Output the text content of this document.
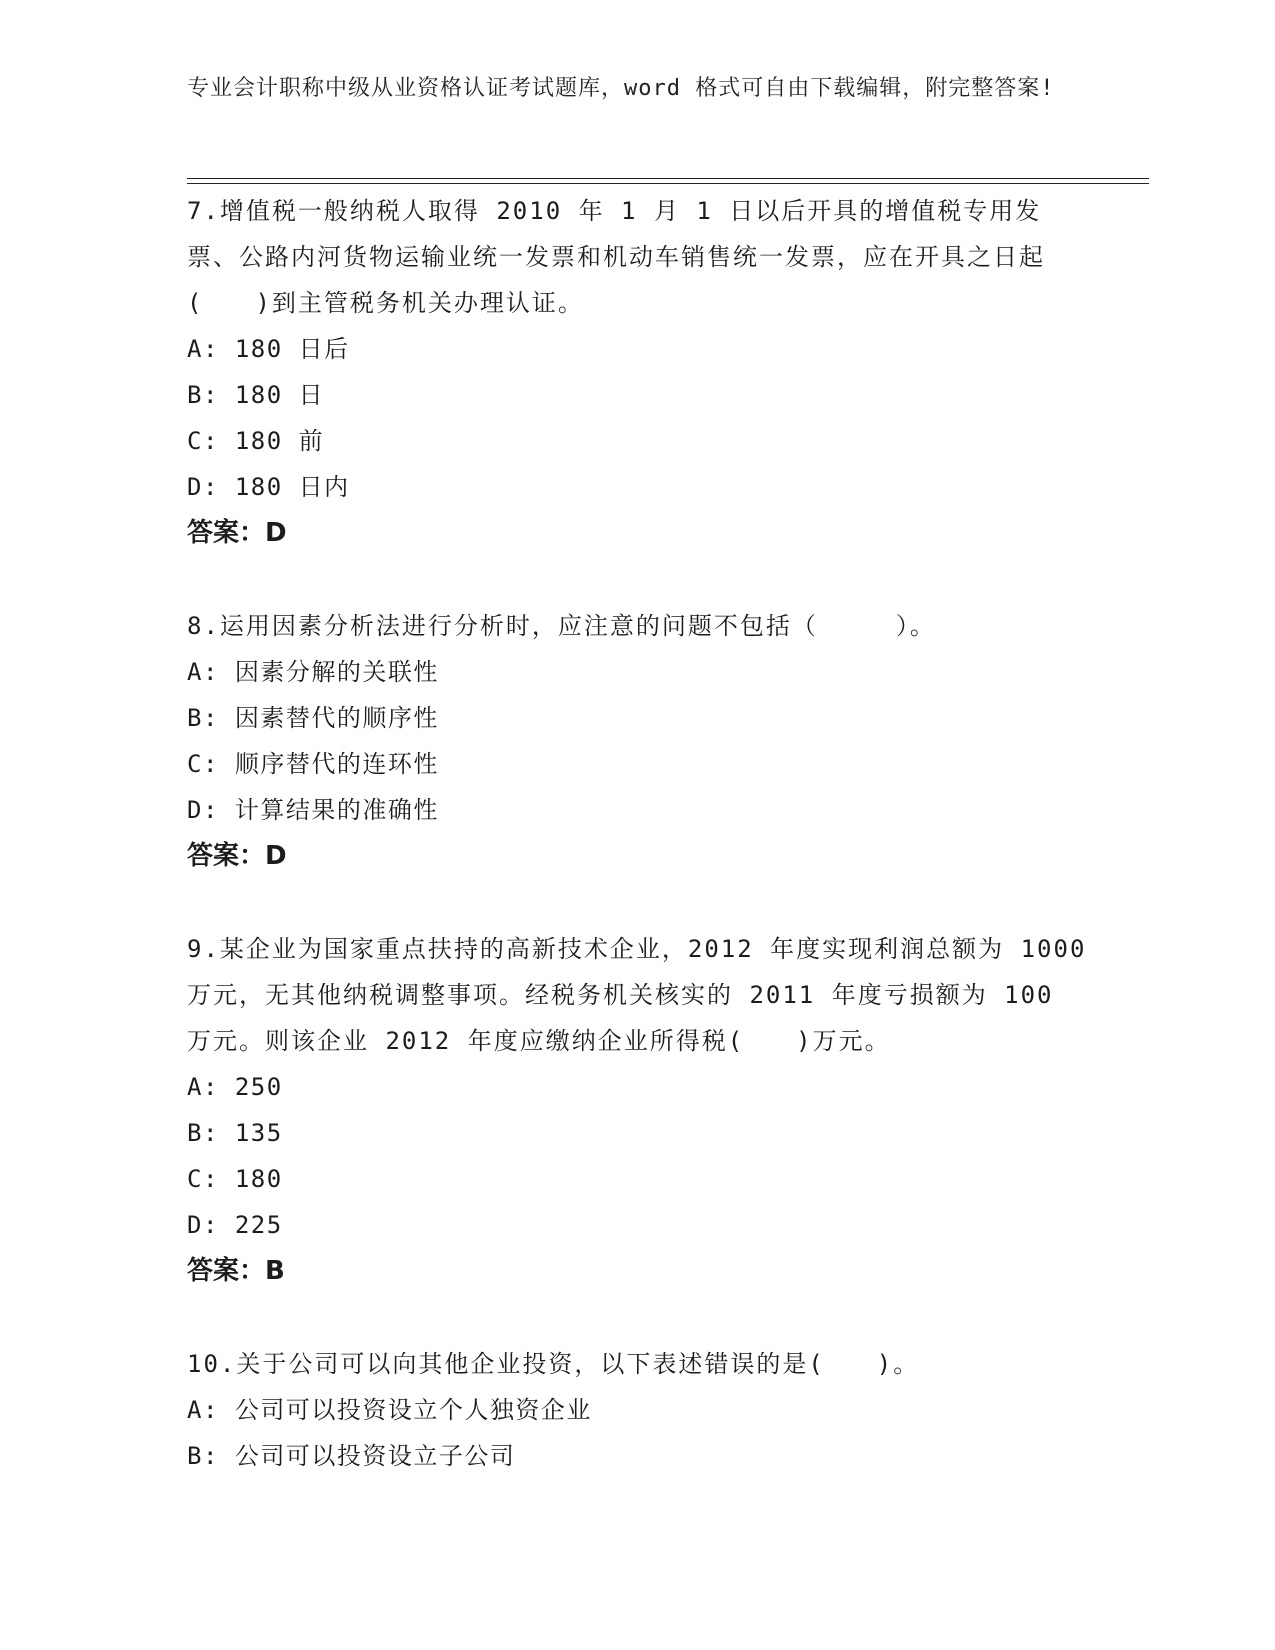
专业会计职称中级从业资格认证考试题库，word 格式可自由下载编辑，附完整答案!

7.增值税一般纳税人取得 2010 年 1 月 1 日以后开具的增值税专用发票、公路内河货物运输业统一发票和机动车销售统一发票，应在开具之日起(　　)到主管税务机关办理认证。

A: 180 日后

B: 180 日

C: 180 前

D: 180 日内

答案：D

8.运用因素分析法进行分析时，应注意的问题不包括（　　　）。

A: 因素分解的关联性

B: 因素替代的顺序性

C: 顺序替代的连环性

D: 计算结果的准确性

答案：D

9.某企业为国家重点扶持的高新技术企业，2012 年度实现利润总额为 1000 万元，无其他纳税调整事项。经税务机关核实的 2011 年度亏损额为 100 万元。则该企业 2012 年度应缴纳企业所得税(　　)万元。

A: 250

B: 135

C: 180

D: 225

答案：B

10.关于公司可以向其他企业投资，以下表述错误的是(　　)。

A: 公司可以投资设立个人独资企业

B: 公司可以投资设立子公司
